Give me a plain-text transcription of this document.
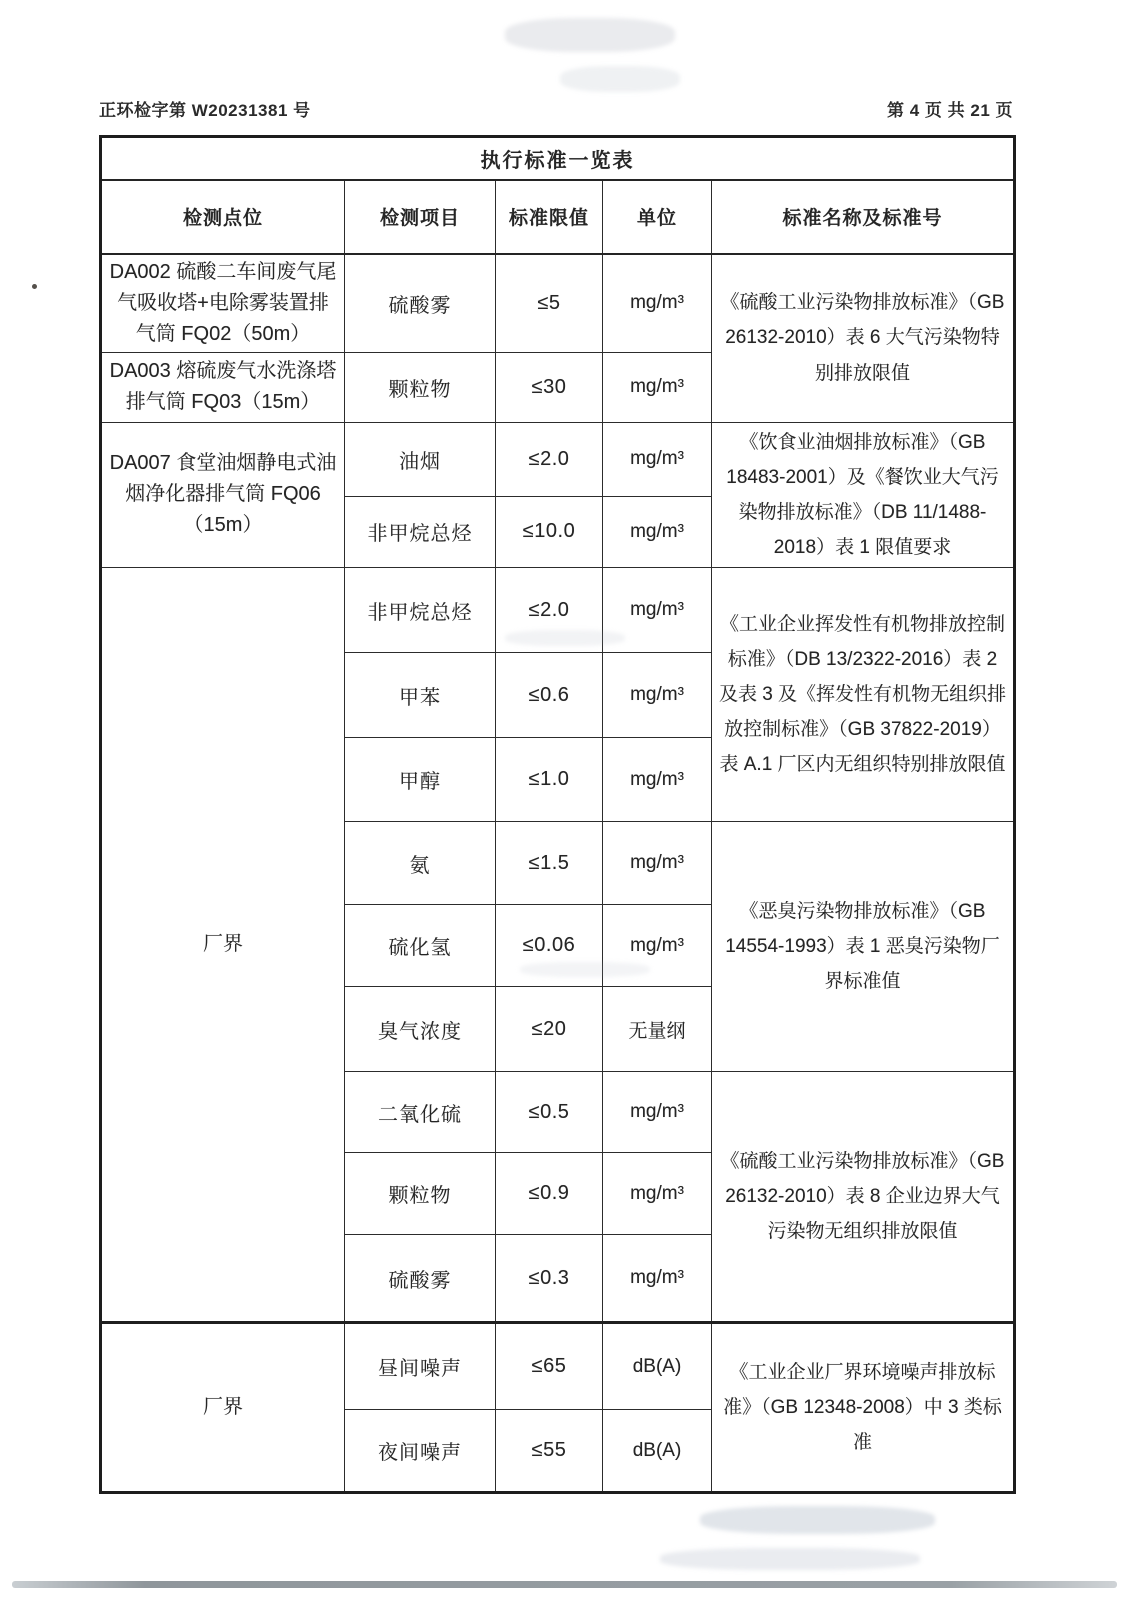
正环检字第 W20231381 号	第 4 页 共 21 页
执行标准一览表				
检测点位	检测项目	标准限值	单位	标准名称及标准号
DA002 硫酸二车间废气尾气吸收塔+电除雾装置排气筒 FQ02（50m）	硫酸雾	≤5	mg/m³	《硫酸工业污染物排放标准》（GB 26132-2010）表 6 大气污染物特别排放限值
DA003 熔硫废气水洗涤塔排气筒 FQ03（15m）	颗粒物	≤30	mg/m³	
DA007 食堂油烟静电式油烟净化器排气筒 FQ06（15m）	油烟	≤2.0	mg/m³	《饮食业油烟排放标准》（GB 18483-2001）及《餐饮业大气污染物排放标准》（DB 11/1488-2018）表 1 限值要求
	非甲烷总烃	≤10.0	mg/m³	
厂界	非甲烷总烃	≤2.0	mg/m³	《工业企业挥发性有机物排放控制标准》（DB 13/2322-2016）表 2 及表 3 及《挥发性有机物无组织排放控制标准》（GB 37822-2019）表 A.1 厂区内无组织特别排放限值
	甲苯	≤0.6	mg/m³	
	甲醇	≤1.0	mg/m³	
	氨	≤1.5	mg/m³	《恶臭污染物排放标准》（GB 14554-1993）表 1 恶臭污染物厂界标准值
	硫化氢	≤0.06	mg/m³	
	臭气浓度	≤20	无量纲	
	二氧化硫	≤0.5	mg/m³	《硫酸工业污染物排放标准》（GB 26132-2010）表 8 企业边界大气污染物无组织排放限值
	颗粒物	≤0.9	mg/m³	
	硫酸雾	≤0.3	mg/m³	
厂界	昼间噪声	≤65	dB(A)	《工业企业厂界环境噪声排放标准》（GB 12348-2008）中 3 类标准
	夜间噪声	≤55	dB(A)	
